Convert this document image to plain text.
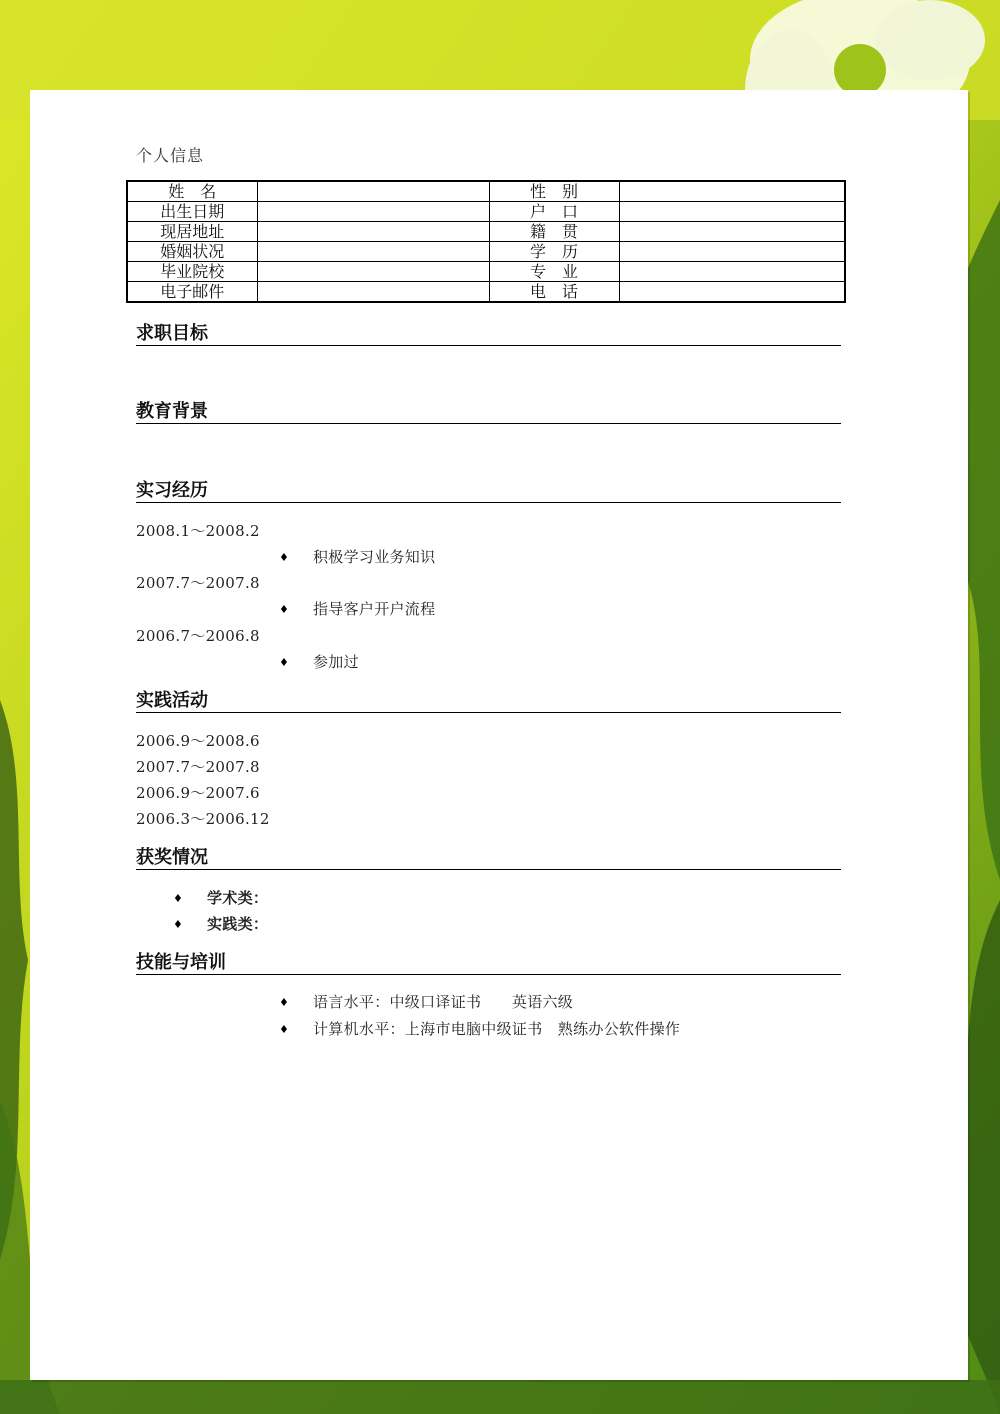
个人信息
姓　名		性　别	
出生日期		户　口	
现居地址		籍　贯	
婚姻状况		学　历	
毕业院校		专　业	
电子邮件		电　话	
求职目标
教育背景
实习经历
2008.1～2008.2
♦ 积极学习业务知识
2007.7～2007.8
♦ 指导客户开户流程
2006.7～2006.8
♦ 参加过
实践活动
2006.9～2008.6
2007.7～2007.8
2006.9～2007.6
2006.3～2006.12
获奖情况
♦ 学术类：
♦ 实践类：
技能与培训
♦ 语言水平：中级口译证书　　英语六级
♦ 计算机水平：上海市电脑中级证书　熟练办公软件操作
